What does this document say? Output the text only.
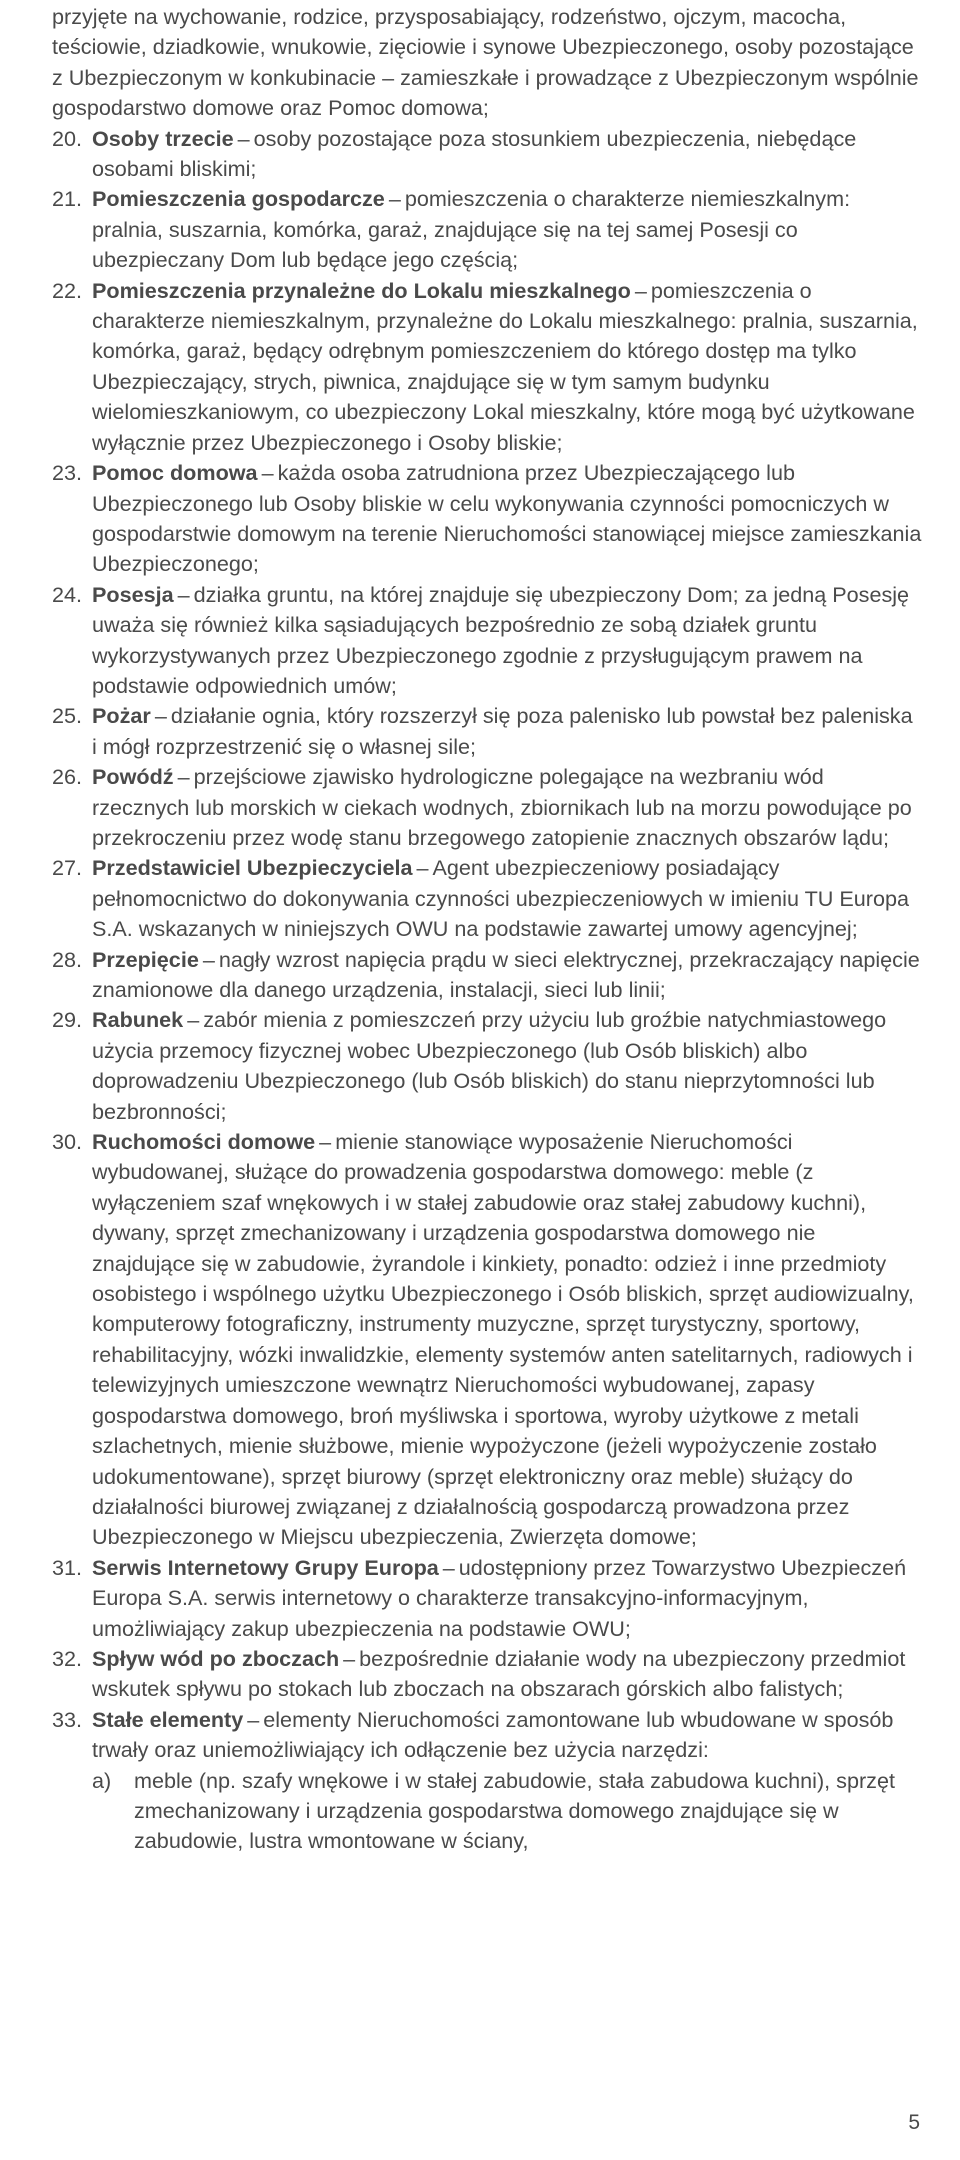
przyjęte na wychowanie, rodzice, przysposabiający, rodzeństwo, ojczym, macocha, teściowie, dziadkowie, wnukowie, zięciowie i synowe Ubezpieczonego, osoby pozostające z Ubezpieczonym w konkubinacie – zamieszkałe i prowadzące z Ubezpieczonym wspólnie gospodarstwo domowe oraz Pomoc domowa;

20. Osoby trzecie – osoby pozostające poza stosunkiem ubezpieczenia, niebędące osobami bliskimi;

21. Pomieszczenia gospodarcze – pomieszczenia o charakterze niemieszkalnym: pralnia, suszarnia, komórka, garaż, znajdujące się na tej samej Posesji co ubezpieczany Dom lub będące jego częścią;

22. Pomieszczenia przynależne do Lokalu mieszkalnego – pomieszczenia o charakterze niemieszkalnym, przynależne do Lokalu mieszkalnego: pralnia, suszarnia, komórka, garaż, będący odrębnym pomieszczeniem do którego dostęp ma tylko Ubezpieczający, strych, piwnica, znajdujące się w tym samym budynku wielomieszkaniowym, co ubezpieczony Lokal mieszkalny, które mogą być użytkowane wyłącznie przez Ubezpieczonego i Osoby bliskie;

23. Pomoc domowa – każda osoba zatrudniona przez Ubezpieczającego lub Ubezpieczonego lub Osoby bliskie w celu wykonywania czynności pomocniczych w gospodarstwie domowym na terenie Nieruchomości stanowiącej miejsce zamieszkania Ubezpieczonego;

24. Posesja – działka gruntu, na której znajduje się ubezpieczony Dom; za jedną Posesję uważa się również kilka sąsiadujących bezpośrednio ze sobą działek gruntu wykorzystywanych przez Ubezpieczonego zgodnie z przysługującym prawem na podstawie odpowiednich umów;

25. Pożar – działanie ognia, który rozszerzył się poza palenisko lub powstał bez paleniska i mógł rozprzestrzenić się o własnej sile;

26. Powódź – przejściowe zjawisko hydrologiczne polegające na wezbraniu wód rzecznych lub morskich w ciekach wodnych, zbiornikach lub na morzu powodujące po przekroczeniu przez wodę stanu brzegowego zatopienie znacznych obszarów lądu;

27. Przedstawiciel Ubezpieczyciela – Agent ubezpieczeniowy posiadający pełnomocnictwo do dokonywania czynności ubezpieczeniowych w imieniu TU Europa S.A. wskazanych w niniejszych OWU na podstawie zawartej umowy agencyjnej;

28. Przepięcie – nagły wzrost napięcia prądu w sieci elektrycznej, przekraczający napięcie znamionowe dla danego urządzenia, instalacji, sieci lub linii;

29. Rabunek – zabór mienia z pomieszczeń przy użyciu lub groźbie natychmiastowego użycia przemocy fizycznej wobec Ubezpieczonego (lub Osób bliskich) albo doprowadzeniu Ubezpieczonego (lub Osób bliskich) do stanu nieprzytomności lub bezbronności;

30. Ruchomości domowe – mienie stanowiące wyposażenie Nieruchomości wybudowanej, służące do prowadzenia gospodarstwa domowego: meble (z wyłączeniem szaf wnękowych i w stałej zabudowie oraz stałej zabudowy kuchni), dywany, sprzęt zmechanizowany i urządzenia gospodarstwa domowego nie znajdujące się w zabudowie, żyrandole i kinkiety, ponadto: odzież i inne przedmioty osobistego i wspólnego użytku Ubezpieczonego i Osób bliskich, sprzęt audiowizualny, komputerowy fotograficzny, instrumenty muzyczne, sprzęt turystyczny, sportowy, rehabilitacyjny, wózki inwalidzkie, elementy systemów anten satelitarnych, radiowych i telewizyjnych umieszczone wewnątrz Nieruchomości wybudowanej, zapasy gospodarstwa domowego, broń myśliwska i sportowa, wyroby użytkowe z metali szlachetnych, mienie służbowe, mienie wypożyczone (jeżeli wypożyczenie zostało udokumentowane), sprzęt biurowy (sprzęt elektroniczny oraz meble) służący do działalności biurowej związanej z działalnością gospodarczą prowadzona przez Ubezpieczonego w Miejscu ubezpieczenia, Zwierzęta domowe;

31. Serwis Internetowy Grupy Europa – udostępniony przez Towarzystwo Ubezpieczeń Europa S.A. serwis internetowy o charakterze transakcyjno-informacyjnym, umożliwiający zakup ubezpieczenia na podstawie OWU;

32. Spływ wód po zboczach – bezpośrednie działanie wody na ubezpieczony przedmiot wskutek spływu po stokach lub zboczach na obszarach górskich albo falistych;

33. Stałe elementy – elementy Nieruchomości zamontowane lub wbudowane w sposób trwały oraz uniemożliwiający ich odłączenie bez użycia narzędzi:
a) meble (np. szafy wnękowe i w stałej zabudowie, stała zabudowa kuchni), sprzęt zmechanizowany i urządzenia gospodarstwa domowego znajdujące się w zabudowie, lustra wmontowane w ściany,

5
